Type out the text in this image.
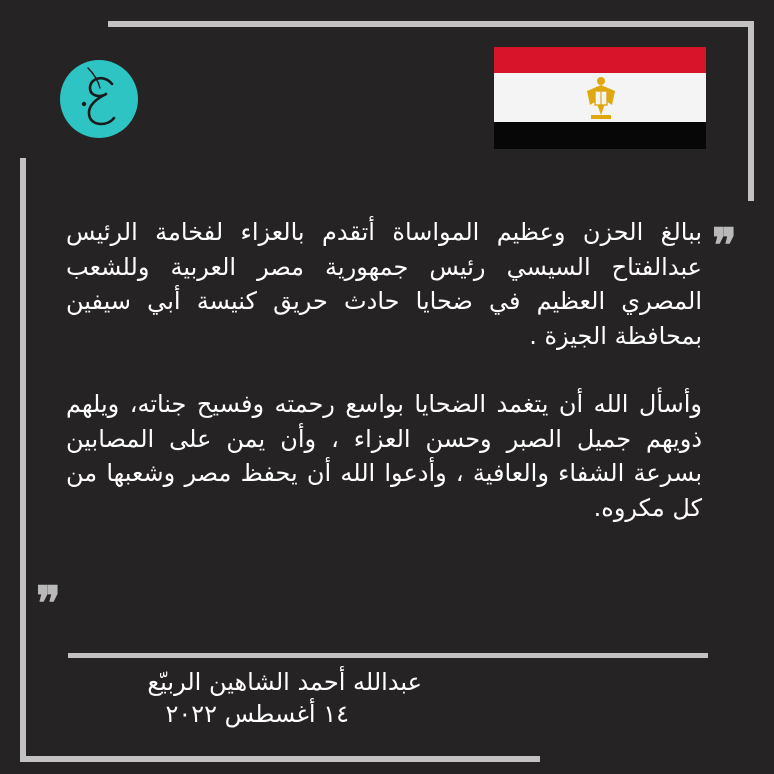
❞

ببالغ الحزن وعظيم المواساة أتقدم بالعزاء لفخامة الرئيس عبدالفتاح السيسي رئيس جمهورية مصر العربية وللشعب المصري العظيم في ضحايا حادث حريق كنيسة أبي سيفين بمحافظة الجيزة .

وأسأل الله أن يتغمد الضحايا بواسع رحمته وفسيح جناته، ويلهم ذويهم جميل الصبر وحسن العزاء ، وأن يمن على المصابين بسرعة الشفاء والعافية ، وأدعوا الله أن يحفظ مصر وشعبها من كل مكروه.

❞
عبدالله أحمد الشاهين الربيّع
١٤ أغسطس ٢٠٢٢
